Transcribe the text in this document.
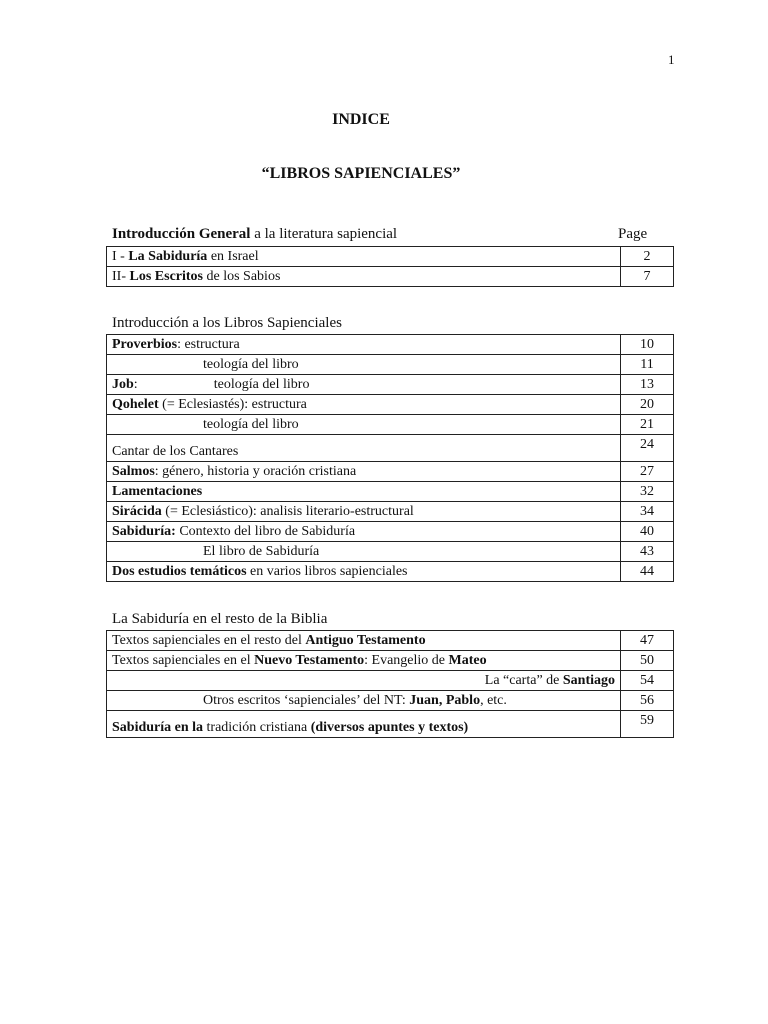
1
INDICE
“LIBROS SAPIENCIALES”
Introducción General a la literatura sapiencial	Page
I - La Sabiduría en Israel	2
II- Los Escritos de los Sabios	7
Introducción a los Libros Sapienciales
Proverbios: estructura	10
teología del libro	11
Job: teología del libro	13
Qohelet (= Eclesiastés): estructura	20
teología del libro	21
Cantar de los Cantares	24
Salmos: género, historia y oración cristiana	27
Lamentaciones	32
Sirácida (= Eclesiástico): analisis literario-estructural	34
Sabiduría: Contexto del libro de Sabiduría	40
El libro de Sabiduría	43
Dos estudios temáticos en varios libros sapienciales	44
La Sabiduría en el resto de la Biblia
Textos sapienciales en el resto del Antiguo Testamento	47
Textos sapienciales en el Nuevo Testamento: Evangelio de Mateo	50
La “carta” de Santiago	54
Otros escritos ‘sapienciales’ del NT: Juan, Pablo, etc.	56
Sabiduría en la tradición cristiana (diversos apuntes y textos)	59
